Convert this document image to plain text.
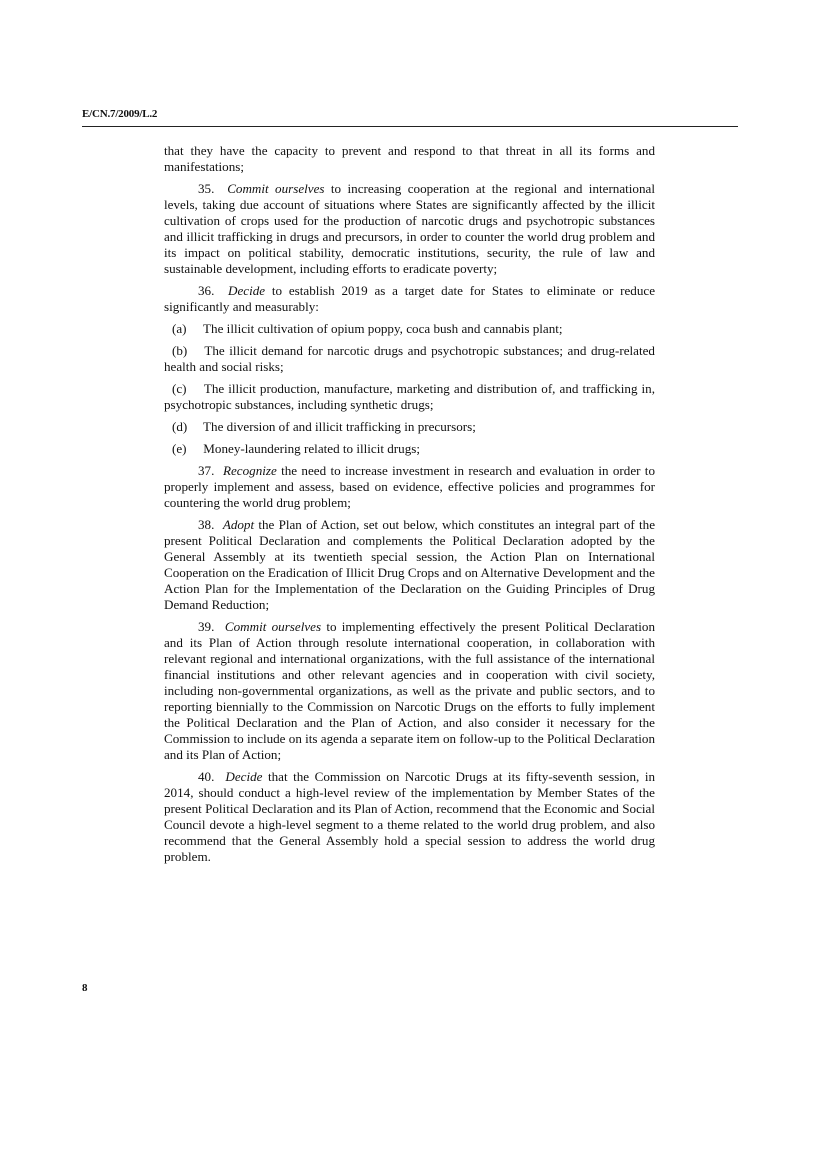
E/CN.7/2009/L.2

that they have the capacity to prevent and respond to that threat in all its forms and manifestations;

35. Commit ourselves to increasing cooperation at the regional and international levels, taking due account of situations where States are significantly affected by the illicit cultivation of crops used for the production of narcotic drugs and psychotropic substances and illicit trafficking in drugs and precursors, in order to counter the world drug problem and its impact on political stability, democratic institutions, security, the rule of law and sustainable development, including efforts to eradicate poverty;

36. Decide to establish 2019 as a target date for States to eliminate or reduce significantly and measurably:

(a) The illicit cultivation of opium poppy, coca bush and cannabis plant;

(b) The illicit demand for narcotic drugs and psychotropic substances; and drug-related health and social risks;

(c) The illicit production, manufacture, marketing and distribution of, and trafficking in, psychotropic substances, including synthetic drugs;

(d) The diversion of and illicit trafficking in precursors;

(e) Money-laundering related to illicit drugs;

37. Recognize the need to increase investment in research and evaluation in order to properly implement and assess, based on evidence, effective policies and programmes for countering the world drug problem;

38. Adopt the Plan of Action, set out below, which constitutes an integral part of the present Political Declaration and complements the Political Declaration adopted by the General Assembly at its twentieth special session, the Action Plan on International Cooperation on the Eradication of Illicit Drug Crops and on Alternative Development and the Action Plan for the Implementation of the Declaration on the Guiding Principles of Drug Demand Reduction;

39. Commit ourselves to implementing effectively the present Political Declaration and its Plan of Action through resolute international cooperation, in collaboration with relevant regional and international organizations, with the full assistance of the international financial institutions and other relevant agencies and in cooperation with civil society, including non-governmental organizations, as well as the private and public sectors, and to reporting biennially to the Commission on Narcotic Drugs on the efforts to fully implement the Political Declaration and the Plan of Action, and also consider it necessary for the Commission to include on its agenda a separate item on follow-up to the Political Declaration and its Plan of Action;

40. Decide that the Commission on Narcotic Drugs at its fifty-seventh session, in 2014, should conduct a high-level review of the implementation by Member States of the present Political Declaration and its Plan of Action, recommend that the Economic and Social Council devote a high-level segment to a theme related to the world drug problem, and also recommend that the General Assembly hold a special session to address the world drug problem.

8
